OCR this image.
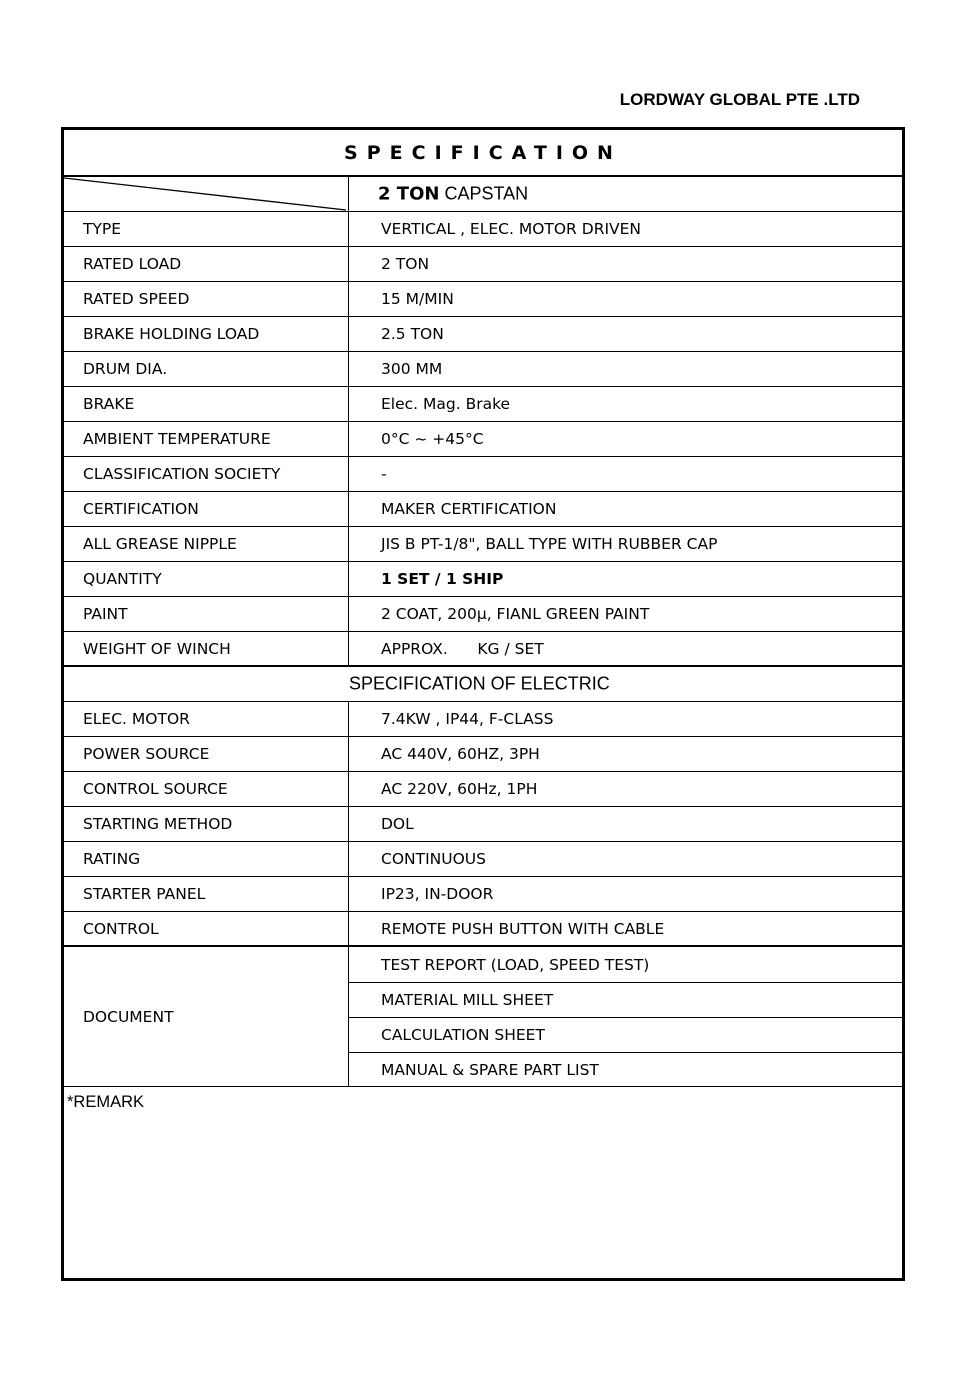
LORDWAY GLOBAL PTE .LTD
SPECIFICATION
2 TON CAPSTAN
TYPE	VERTICAL , ELEC. MOTOR DRIVEN
RATED LOAD	2 TON
RATED SPEED	15 M/MIN
BRAKE HOLDING LOAD	2.5 TON
DRUM DIA.	300 MM
BRAKE	Elec. Mag. Brake
AMBIENT TEMPERATURE	0°C ~ +45°C
CLASSIFICATION SOCIETY	-
CERTIFICATION	MAKER CERTIFICATION
ALL GREASE NIPPLE	JIS B PT-1/8", BALL TYPE WITH RUBBER CAP
QUANTITY	1 SET / 1 SHIP
PAINT	2 COAT, 200μ, FIANL GREEN PAINT
WEIGHT OF WINCH	APPROX.      KG / SET
SPECIFICATION OF ELECTRIC
ELEC. MOTOR	7.4KW , IP44, F-CLASS
POWER SOURCE	AC 440V, 60HZ, 3PH
CONTROL SOURCE	AC 220V, 60Hz, 1PH
STARTING METHOD	DOL
RATING	CONTINUOUS
STARTER PANEL	IP23, IN-DOOR
CONTROL	REMOTE PUSH BUTTON WITH CABLE
DOCUMENT
TEST REPORT (LOAD, SPEED TEST)
MATERIAL MILL SHEET
CALCULATION SHEET
MANUAL & SPARE PART LIST
*REMARK
